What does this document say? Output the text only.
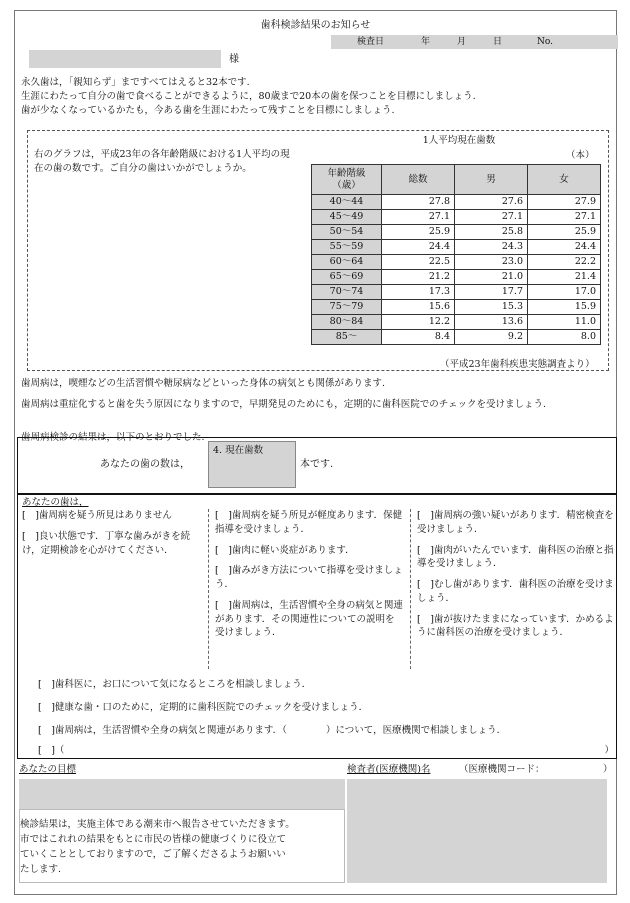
歯科検診結果のお知らせ
検査日	年	月	日	No.
様
永久歯は，「親知らず」まですべてはえると32本です.
生涯にわたって自分の歯で食べることができるように，80歳まで20本の歯を保つことを目標にしましょう.
歯が少なくなっているかたも，今ある歯を生涯にわたって残すことを目標にしましょう.
右のグラフは，平成23年の各年齢階級における1人平均の現在の歯の数です。ご自分の歯はいかがでしょうか。
1人平均現在歯数
（本）
年齢階級（歳）	総数	男	女
40～44	27.8	27.6	27.9
45～49	27.1	27.1	27.1
50～54	25.9	25.8	25.9
55～59	24.4	24.3	24.4
60～64	22.5	23.0	22.2
65～69	21.2	21.0	21.4
70～74	17.3	17.7	17.0
75～79	15.6	15.3	15.9
80～84	12.2	13.6	11.0
85～	8.4	9.2	8.0
（平成23年歯科疾患実態調査より）
歯周病は，喫煙などの生活習慣や糖尿病などといった身体の病気とも関係があります.
歯周病は重症化すると歯を失う原因になりますので，早期発見のためにも，定期的に歯科医院でのチェックを受けましょう.
歯周病検診の結果は，以下のとおりでした.
あなたの歯の数は，
4. 現在歯数
本です.
あなたの歯は，
[　]歯周病を疑う所見はありません
[　]良い状態です．丁寧な歯みがきを続け，定期検診を心がけてください．
[　]歯周病を疑う所見が軽度あります．保健指導を受けましょう．
[　]歯肉に軽い炎症があります．
[　]歯みがき方法について指導を受けましょう．
[　]歯周病は，生活習慣や全身の病気と関連があります．その関連性についての説明を受けましょう．
[　]歯周病の強い疑いがあります．精密検査を受けましょう．
[　]歯肉がいたんでいます．歯科医の治療と指導を受けましょう．
[　]むし歯があります．歯科医の治療を受けましょう．
[　]歯が抜けたままになっています．かめるように歯科医の治療を受けましょう．
[　]歯科医に，お口について気になるところを相談しましょう．
[　]健康な歯・口のために，定期的に歯科医院でのチェックを受けましょう．
[　]歯周病は，生活習慣や全身の病気と関連があります．（	）について，医療機関で相談しましょう．
[　]（	）
あなたの目標	検査者(医療機関)名	（医療機関コード：	）
検診結果は，実施主体である潮来市へ報告させていただきます。
市ではこれれの結果をもとに市民の皆様の健康づくりに役立て
ていくこととしておりますので，ご了解くださるようお願いい
たします.
